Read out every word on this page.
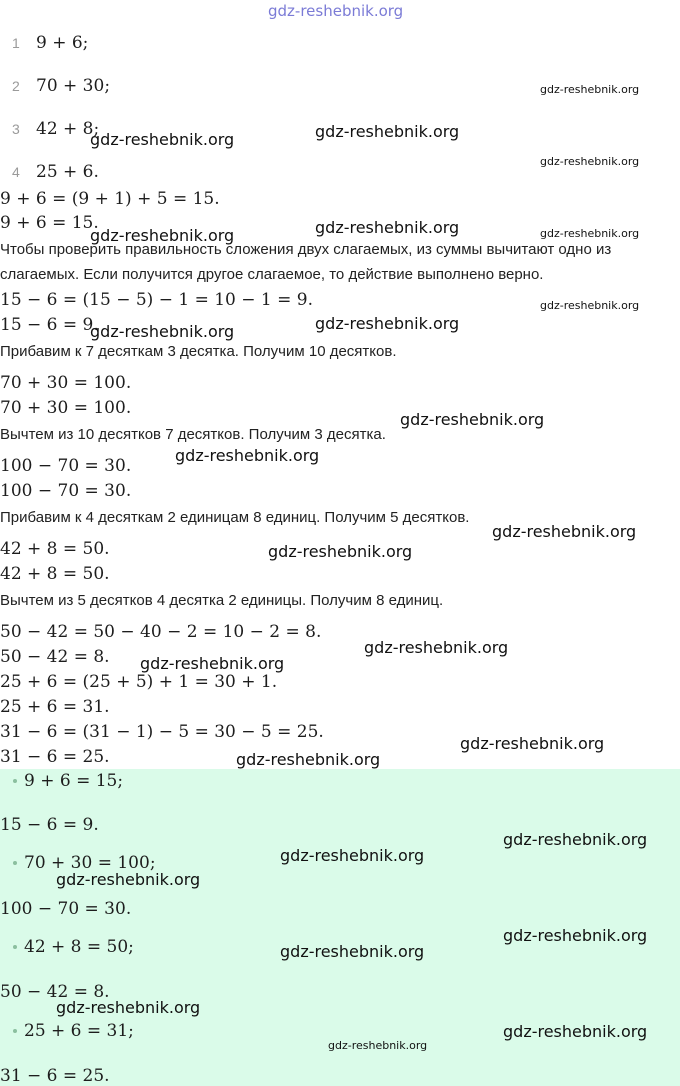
gdz-reshebnik.org
1 9 + 6;
2 70 + 30;
3 42 + 8;
4 25 + 6.
9 + 6 = (9 + 1) + 5 = 15.
9 + 6 = 15.
Чтобы проверить правильность сложения двух слагаемых, из суммы вычитают одно из
слагаемых. Если получится другое слагаемое, то действие выполнено верно.
15 − 6 = (15 − 5) − 1 = 10 − 1 = 9.
15 − 6 = 9.
Прибавим к 7 десяткам 3 десятка. Получим 10 десятков.
70 + 30 = 100.
70 + 30 = 100.
Вычтем из 10 десятков 7 десятков. Получим 3 десятка.
100 − 70 = 30.
100 − 70 = 30.
Прибавим к 4 десяткам 2 единицам 8 единиц. Получим 5 десятков.
42 + 8 = 50.
42 + 8 = 50.
Вычтем из 5 десятков 4 десятка 2 единицы. Получим 8 единиц.
50 − 42 = 50 − 40 − 2 = 10 − 2 = 8.
50 − 42 = 8.
25 + 6 = (25 + 5) + 1 = 30 + 1.
25 + 6 = 31.
31 − 6 = (31 − 1) − 5 = 30 − 5 = 25.
31 − 6 = 25.
9 + 6 = 15;
15 − 6 = 9.
70 + 30 = 100;
100 − 70 = 30.
42 + 8 = 50;
50 − 42 = 8.
25 + 6 = 31;
31 − 6 = 25.
gdz-reshebnik.org	gdz-reshebnik.org
gdz-reshebnik.org	gdz-reshebnik.org
gdz-reshebnik.org	gdz-reshebnik.org
gdz-reshebnik.org
gdz-reshebnik.org
gdz-reshebnik.org
gdz-reshebnik.org
gdz-reshebnik.org
gdz-reshebnik.org
gdz-reshebnik.org
gdz-reshebnik.org
gdz-reshebnik.org
gdz-reshebnik.org
gdz-reshebnik.org
gdz-reshebnik.org
gdz-reshebnik.org
gdz-reshebnik.org
gdz-reshebnik.org
gdz-reshebnik.org
gdz-reshebnik.org
gdz-reshebnik.org
gdz-reshebnik.org
gdz-reshebnik.org
